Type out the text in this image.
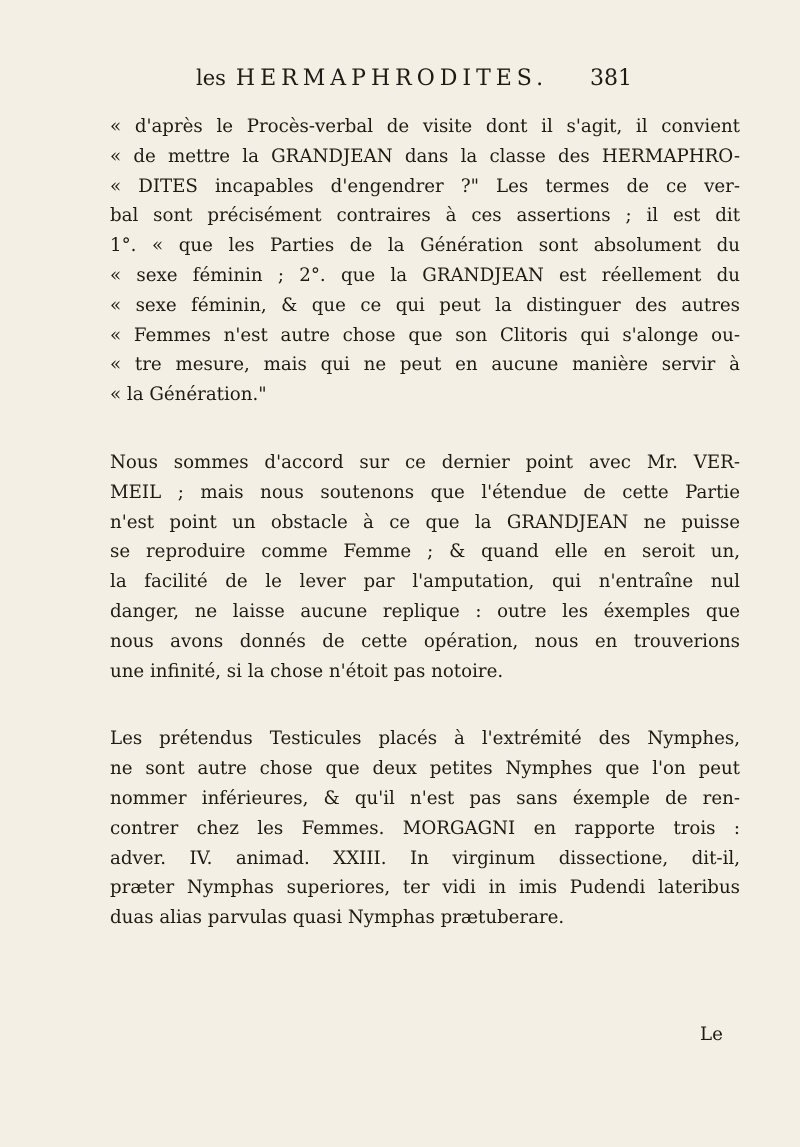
les HERMAPHRODITES. 381

« d'après le Procès-verbal de visite dont il s'agit, il convient
« de mettre la GRANDJEAN dans la classe des HERMAPHRO-
« DITES incapables d'engendrer ?" Les termes de ce ver-
bal sont précisément contraires à ces assertions ; il est dit
1°. « que les Parties de la Génération sont absolument du
« sexe féminin ; 2°. que la GRANDJEAN est réellement du
« sexe féminin, & que ce qui peut la distinguer des autres
« Femmes n'est autre chose que son Clitoris qui s'alonge ou-
« tre mesure, mais qui ne peut en aucune manière servir à
« la Génération."

Nous sommes d'accord sur ce dernier point avec Mr. VER-
MEIL ; mais nous soutenons que l'étendue de cette Partie
n'est point un obstacle à ce que la GRANDJEAN ne puisse
se reproduire comme Femme ; & quand elle en seroit un,
la facilité de le lever par l'amputation, qui n'entraîne nul
danger, ne laisse aucune replique : outre les éxemples que
nous avons donnés de cette opération, nous en trouverions
une infinité, si la chose n'étoit pas notoire.

Les prétendus Testicules placés à l'extrémité des Nymphes,
ne sont autre chose que deux petites Nymphes que l'on peut
nommer inférieures, & qu'il n'est pas sans éxemple de ren-
contrer chez les Femmes. MORGAGNI en rapporte trois :
adver. IV. animad. XXIII. In virginum dissectione, dit-il,
præter Nymphas superiores, ter vidi in imis Pudendi lateribus
duas alias parvulas quasi Nymphas prætuberare.

Le
